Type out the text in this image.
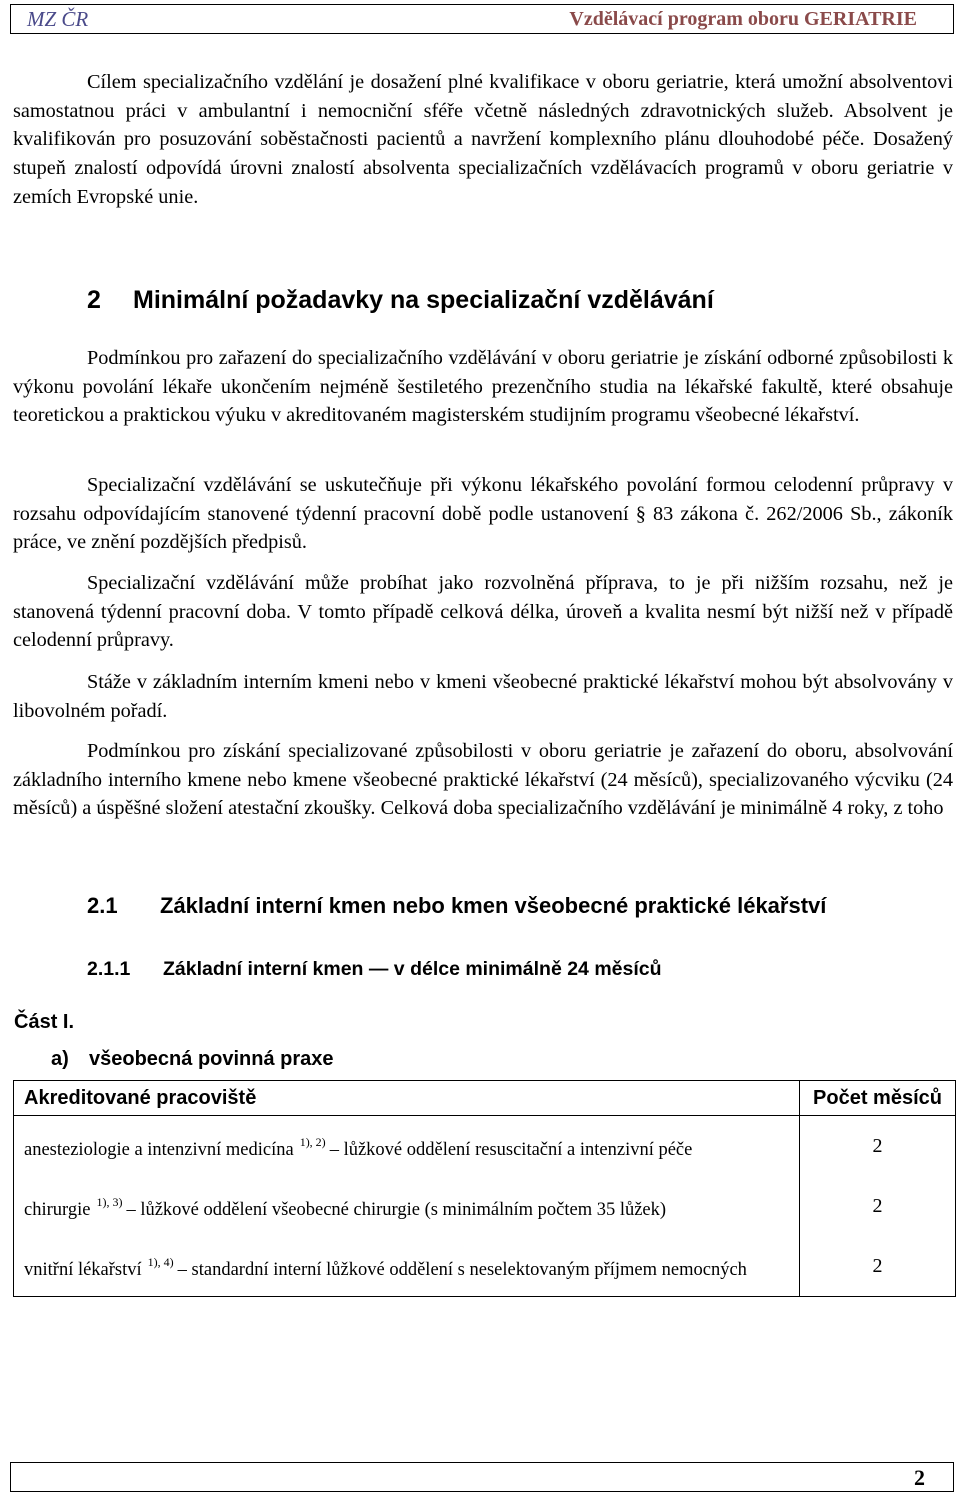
MZ ČR	Vzdělávací program oboru GERIATRIE

Cílem specializačního vzdělání je dosažení plné kvalifikace v oboru geriatrie, která umožní absolventovi samostatnou práci v ambulantní i nemocniční sféře včetně následných zdravotnických služeb. Absolvent je kvalifikován pro posuzování soběstačnosti pacientů a navržení komplexního plánu dlouhodobé péče. Dosažený stupeň znalostí odpovídá úrovni znalostí absolventa specializačních vzdělávacích programů v oboru geriatrie v zemích Evropské unie.

2 Minimální požadavky na specializační vzdělávání

Podmínkou pro zařazení do specializačního vzdělávání v oboru geriatrie je získání odborné způsobilosti k výkonu povolání lékaře ukončením nejméně šestiletého prezenčního studia na lékařské fakultě, které obsahuje teoretickou a praktickou výuku v akreditovaném magisterském studijním programu všeobecné lékařství.

Specializační vzdělávání se uskutečňuje při výkonu lékařského povolání formou celodenní průpravy v rozsahu odpovídajícím stanovené týdenní pracovní době podle ustanovení § 83 zákona č. 262/2006 Sb., zákoník práce, ve znění pozdějších předpisů.

Specializační vzdělávání může probíhat jako rozvolněná příprava, to je při nižším rozsahu, než je stanovená týdenní pracovní doba. V tomto případě celková délka, úroveň a kvalita nesmí být nižší než v případě celodenní průpravy.

Stáže v základním interním kmeni nebo v kmeni všeobecné praktické lékařství mohou být absolvovány v libovolném pořadí.

Podmínkou pro získání specializované způsobilosti v oboru geriatrie je zařazení do oboru, absolvování základního interního kmene nebo kmene všeobecné praktické lékařství (24 měsíců), specializovaného výcviku (24 měsíců) a úspěšné složení atestační zkoušky. Celková doba specializačního vzdělávání je minimálně 4 roky, z toho

2.1 Základní interní kmen nebo kmen všeobecné praktické lékařství
2.1.1 Základní interní kmen — v délce minimálně 24 měsíců
Část I.
a) všeobecná povinná praxe
Akreditované pracoviště	Počet měsíců
anesteziologie a intenzivní medicína $^{1), 2)}$ – lůžkové oddělení resuscitační a intenzivní péče	2
chirurgie $^{1), 3)}$ – lůžkové oddělení všeobecné chirurgie (s minimálním počtem 35 lůžek)	2
vnitřní lékařství $^{1), 4)}$ – standardní interní lůžkové oddělení s neselektovaným příjmem nemocných	2
2
